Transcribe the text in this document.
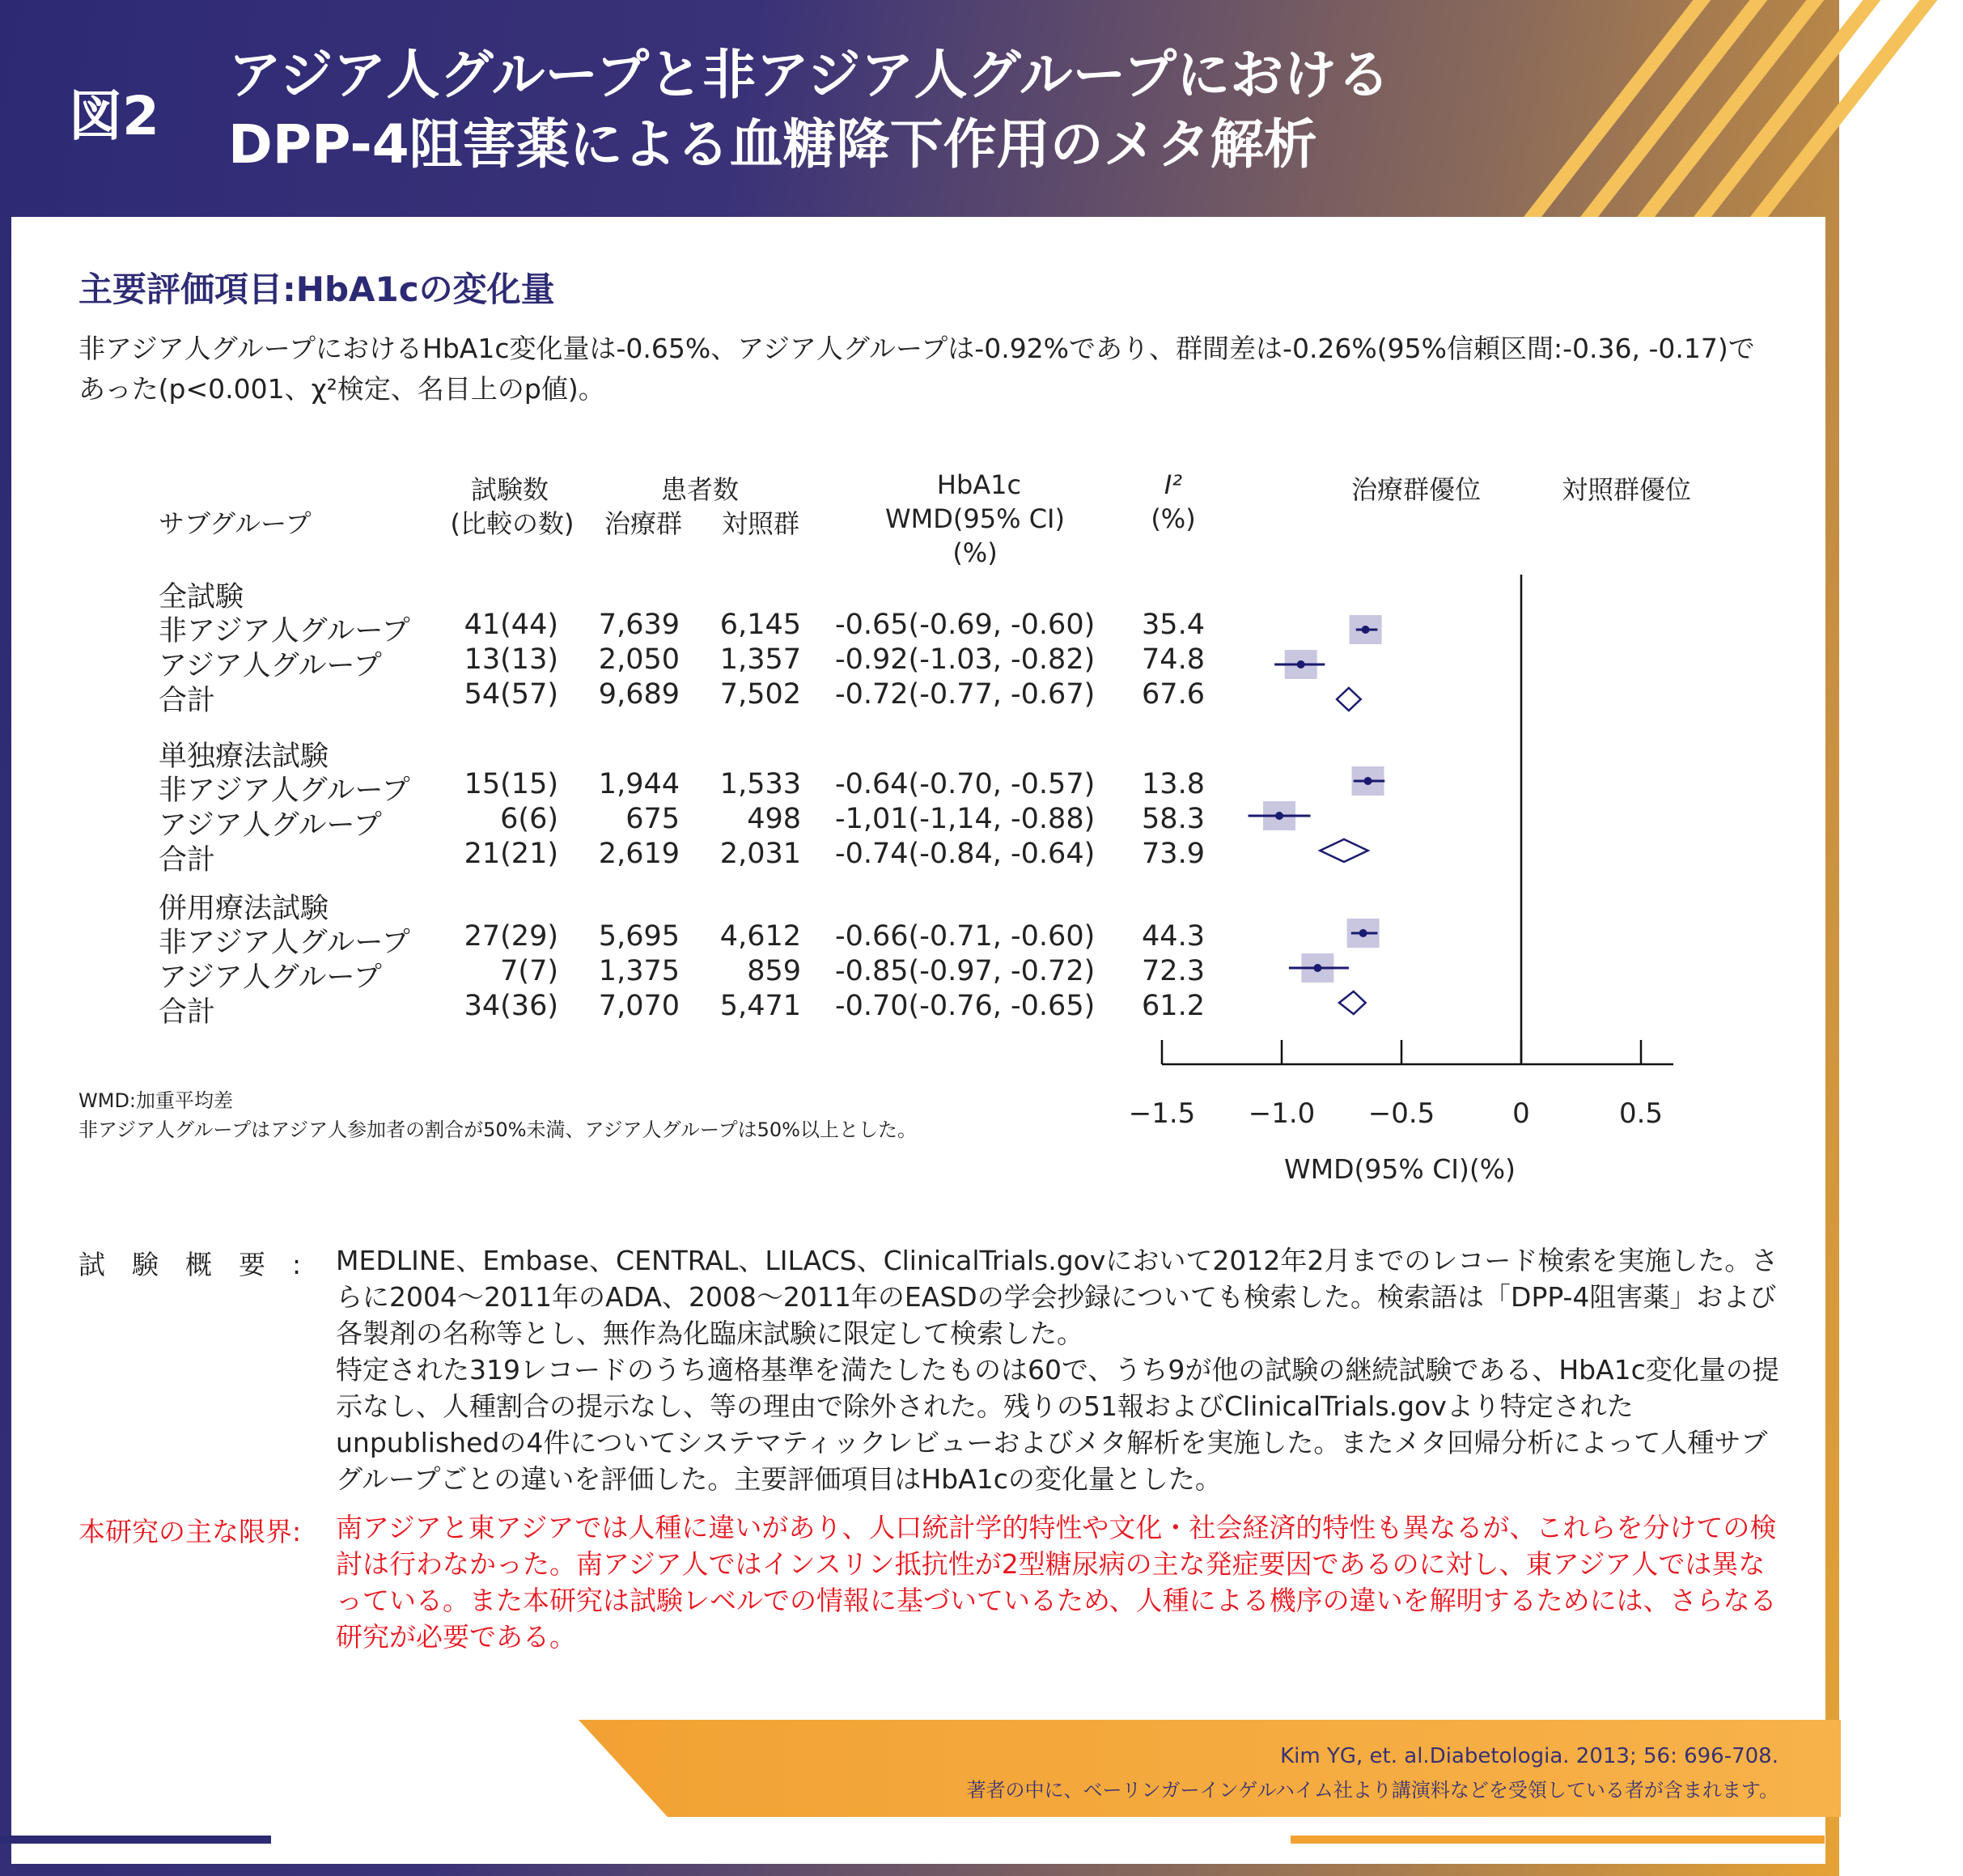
図2
アジア人グループと非アジア人グループにおける
DPP-4阻害薬による血糖降下作用のメタ解析
主要評価項目:HbA1cの変化量
非アジア人グループにおけるHbA1c変化量は-0.65%、アジア人グループは-0.92%であり、群間差は-0.26%(95%信頼区間:-0.36, -0.17)で
あった(p<0.001、χ²検定、名目上のp値)。
試験数
(比較の数)
サブグループ
患者数
治療群	対照群
HbA1c
WMD(95% CI)
(%)
I²
(%)
治療群優位	対照群優位
全試験
非アジア人グループ	41(44)	7,639	6,145 -0.65(-0.69, -0.60) 35.4
アジア人グループ	13(13)	2,050	1,357 -0.92(-1.03, -0.82) 74.8
合計	54(57)	9,689	7,502 -0.72(-0.77, -0.67) 67.6
単独療法試験
非アジア人グループ	15(15)	1,944	1,533 -0.64(-0.70, -0.57) 13.8
アジア人グループ	6(6)	675	498 -1,01(-1,14, -0.88) 58.3
合計	21(21)	2,619	2,031 -0.74(-0.84, -0.64) 73.9
併用療法試験
非アジア人グループ	27(29)	5,695	4,612 -0.66(-0.71, -0.60) 44.3
アジア人グループ	7(7)	1,375	859 -0.85(-0.97, -0.72) 72.3
合計	34(36)	7,070	5,471 -0.70(-0.76, -0.65) 61.2
−1.5 −1.0 −0.5	0	0.5
WMD(95% CI)(%)
WMD:加重平均差
非アジア人グループはアジア人参加者の割合が50%未満、アジア人グループは50%以上とした。
試　験　概　要　: MEDLINE、Embase、CENTRAL、LILACS、ClinicalTrials.govにおいて2012年2月までのレコード検索を実施した。さらに2004～2011年のADA、2008～2011年のEASDの学会抄録についても検索した。検索語は「DPP-4阻害薬」および各製剤の名称等とし、無作為化臨床試験に限定して検索した。
特定された319レコードのうち適格基準を満たしたものは60で、うち9が他の試験の継続試験である、HbA1c変化量の提示なし、人種割合の提示なし、等の理由で除外された。残りの51報およびClinicalTrials.govより特定されたunpublishedの4件についてシステマティックレビューおよびメタ解析を実施した。またメタ回帰分析によって人種サブグループごとの違いを評価した。主要評価項目はHbA1cの変化量とした。
本研究の主な限界: 南アジアと東アジアでは人種に違いがあり、人口統計学的特性や文化・社会経済的特性も異なるが、これらを分けての検討は行わなかった。南アジア人ではインスリン抵抗性が2型糖尿病の主な発症要因であるのに対し、東アジア人では異なっている。また本研究は試験レベルでの情報に基づいているため、人種による機序の違いを解明するためには、さらなる研究が必要である。
Kim YG, et. al.Diabetologia. 2013; 56: 696-708.
著者の中に、ベーリンガーインゲルハイム社より講演料などを受領している者が含まれます。
